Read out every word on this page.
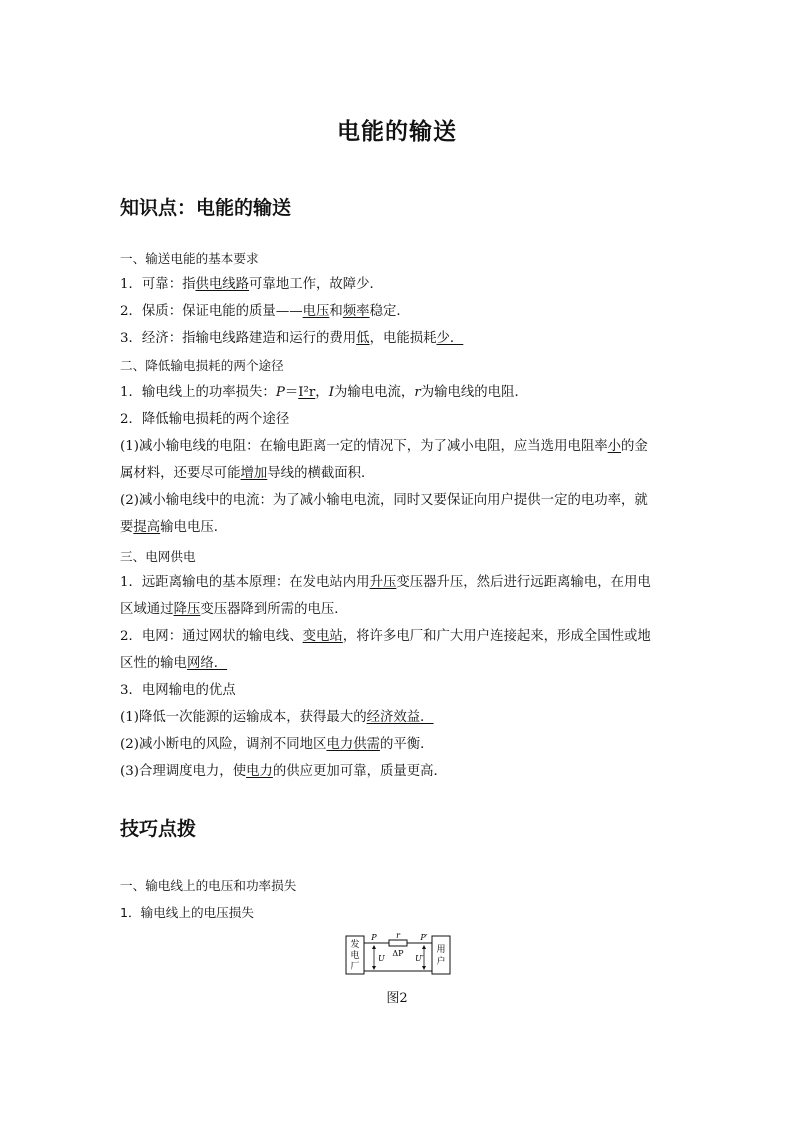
电能的输送
知识点：电能的输送
一、输送电能的基本要求
1．可靠：指供电线路可靠地工作，故障少．
2．保质：保证电能的质量——电压和频率稳定．
3．经济：指输电线路建造和运行的费用低，电能损耗少．
二、降低输电损耗的两个途径
1．输电线上的功率损失：P＝I²r，I为输电电流，r为输电线的电阻．
2．降低输电损耗的两个途径
(1)减小输电线的电阻：在输电距离一定的情况下，为了减小电阻，应当选用电阻率小的金
属材料，还要尽可能增加导线的横截面积．
(2)减小输电线中的电流：为了减小输电电流，同时又要保证向用户提供一定的电功率，就
要提高输电电压．
三、电网供电
1．远距离输电的基本原理：在发电站内用升压变压器升压，然后进行远距离输电，在用电
区域通过降压变压器降到所需的电压．
2．电网：通过网状的输电线、变电站，将许多电厂和广大用户连接起来，形成全国性或地
区性的输电网络．
3．电网输电的优点
(1)降低一次能源的运输成本，获得最大的经济效益．
(2)减小断电的风险，调剂不同地区电力供需的平衡．
(3)合理调度电力，使电力的供应更加可靠，质量更高．
技巧点拨
一、输电线上的电压和功率损失
1．输电线上的电压损失
发
电
厂
用
户
P r
ΔP
P′
U	U′
图2
